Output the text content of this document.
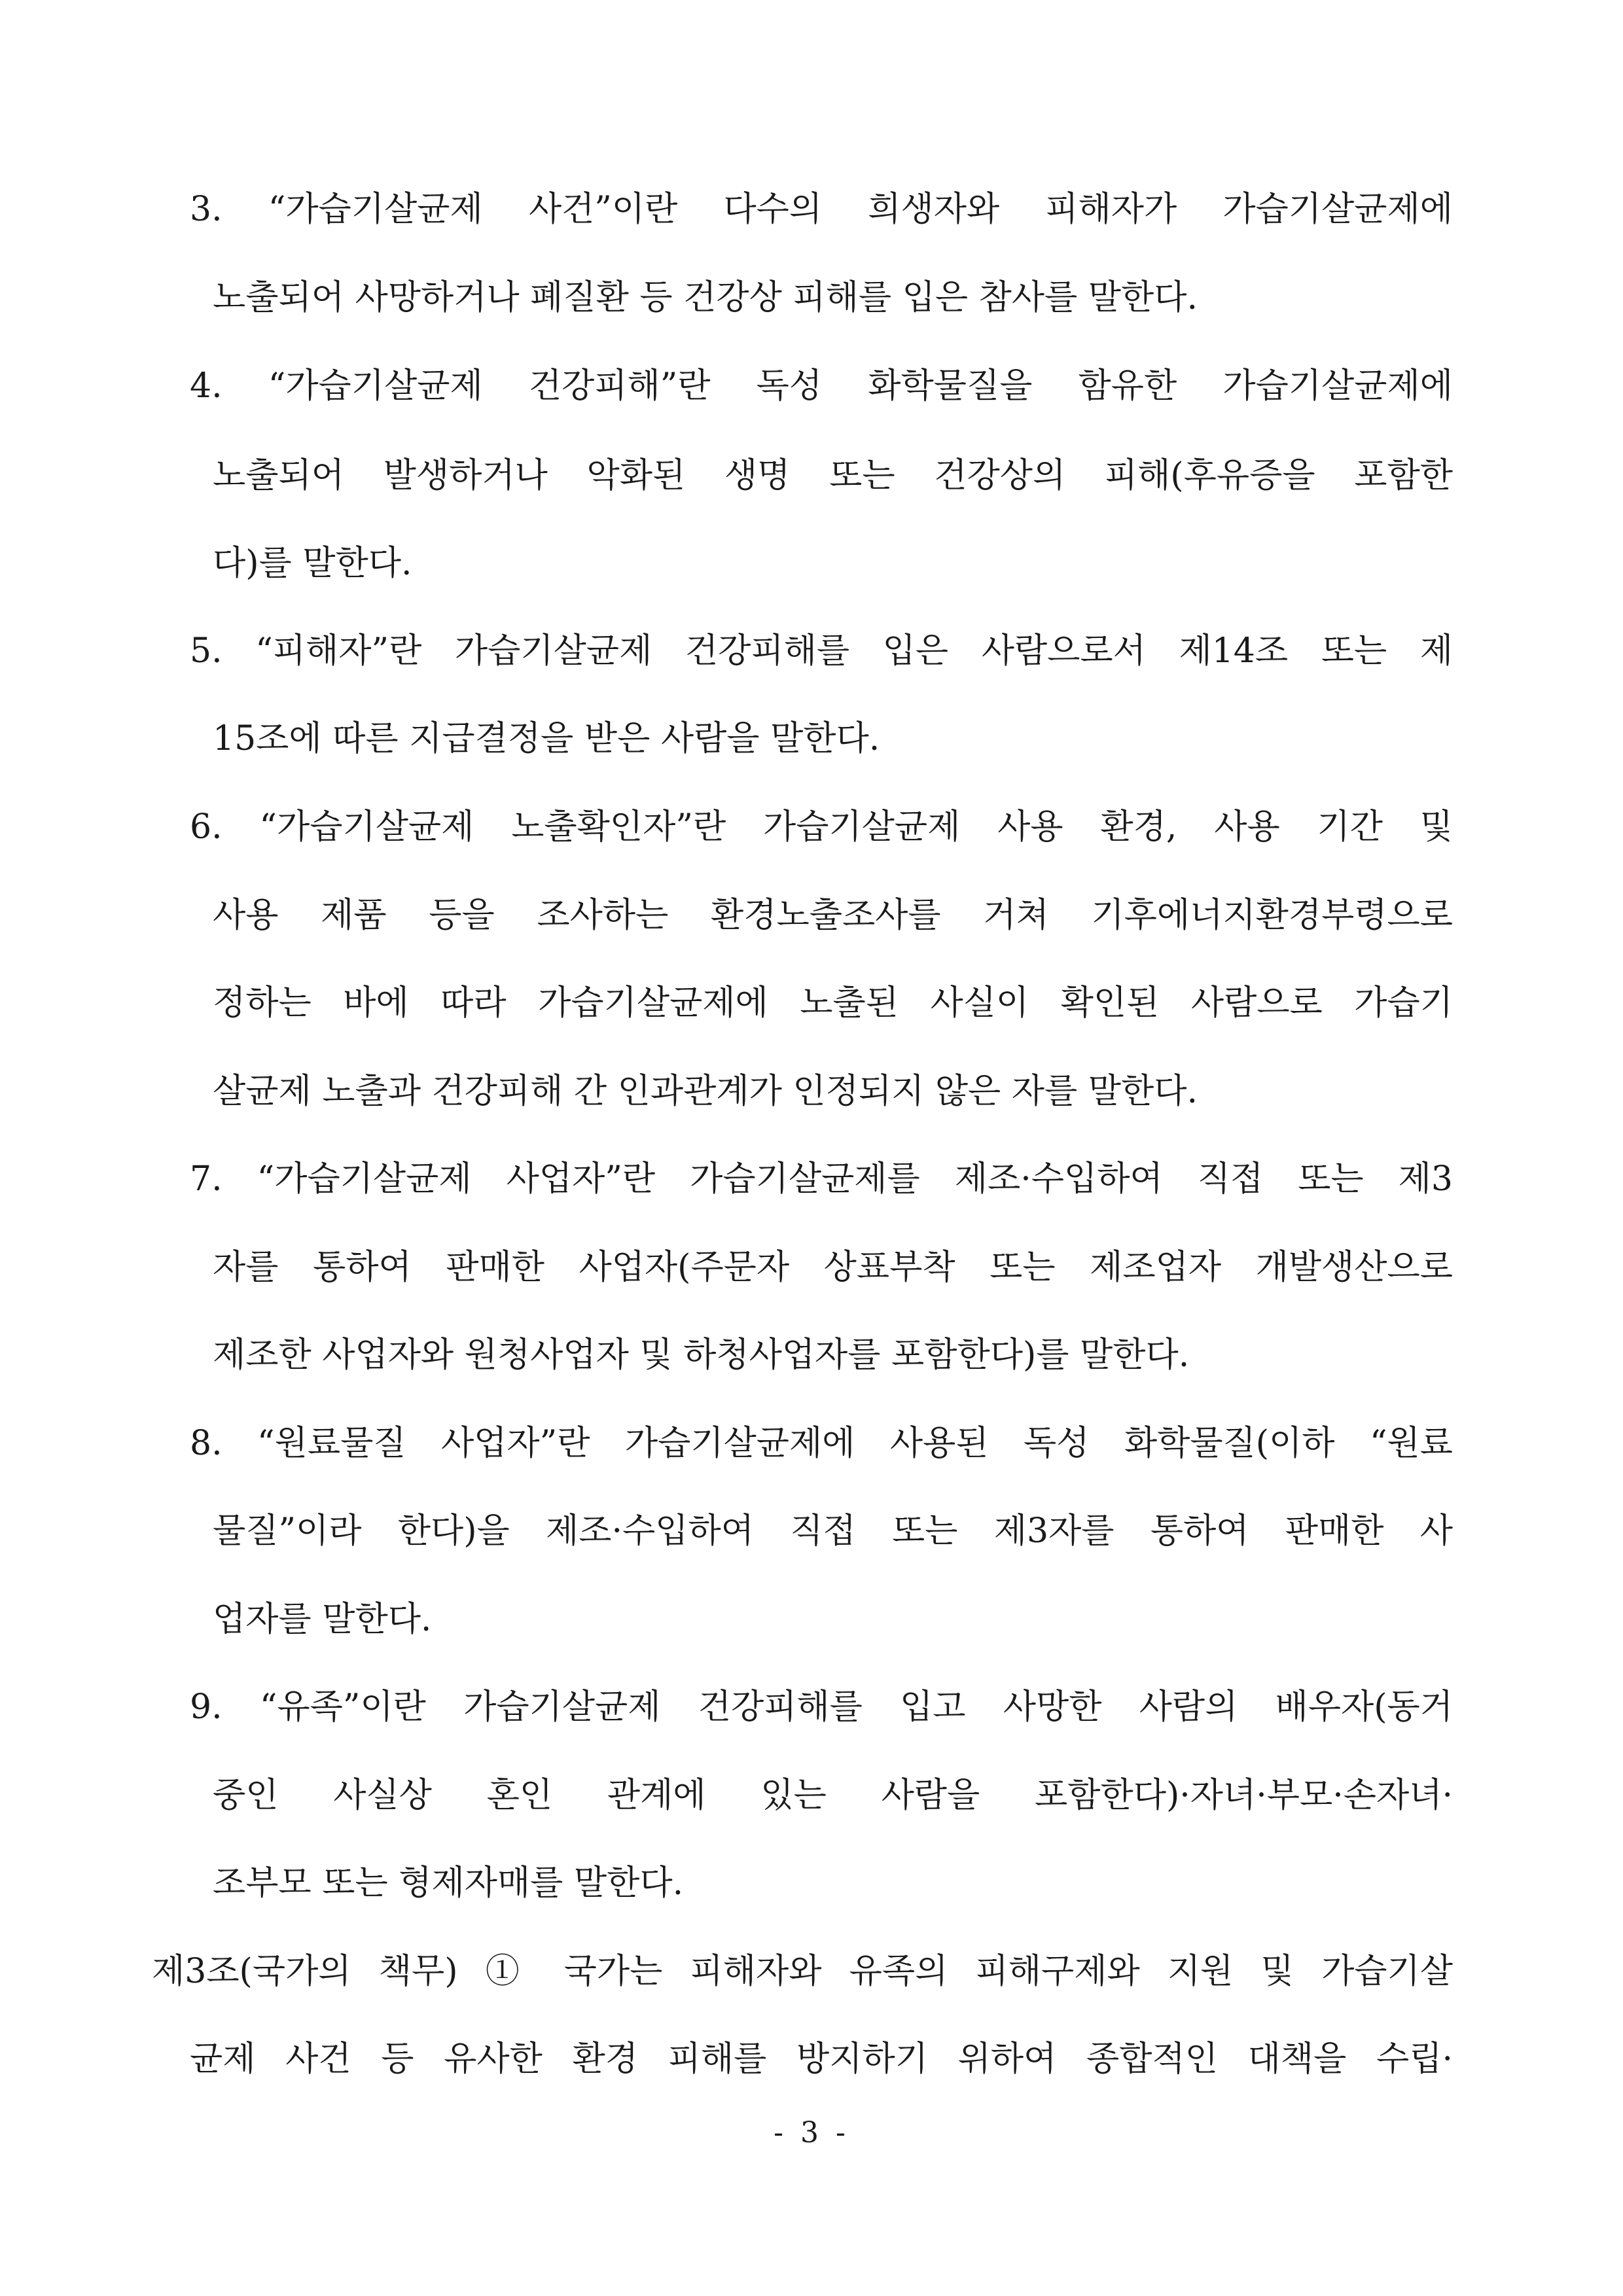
3. “가습기살균제 사건”이란 다수의 희생자와 피해자가 가습기살균제에
노출되어 사망하거나 폐질환 등 건강상 피해를 입은 참사를 말한다.
4. “가습기살균제 건강피해”란 독성 화학물질을 함유한 가습기살균제에
노출되어 발생하거나 악화된 생명 또는 건강상의 피해(후유증을 포함한
다)를 말한다.
5. “피해자”란 가습기살균제 건강피해를 입은 사람으로서 제14조 또는 제
15조에 따른 지급결정을 받은 사람을 말한다.
6. “가습기살균제 노출확인자”란 가습기살균제 사용 환경, 사용 기간 및
사용 제품 등을 조사하는 환경노출조사를 거쳐 기후에너지환경부령으로
정하는 바에 따라 가습기살균제에 노출된 사실이 확인된 사람으로 가습기
살균제 노출과 건강피해 간 인과관계가 인정되지 않은 자를 말한다.
7. “가습기살균제 사업자”란 가습기살균제를 제조·수입하여 직접 또는 제3
자를 통하여 판매한 사업자(주문자 상표부착 또는 제조업자 개발생산으로
제조한 사업자와 원청사업자 및 하청사업자를 포함한다)를 말한다.
8. “원료물질 사업자”란 가습기살균제에 사용된 독성 화학물질(이하 “원료
물질”이라 한다)을 제조·수입하여 직접 또는 제3자를 통하여 판매한 사
업자를 말한다.
9. “유족”이란 가습기살균제 건강피해를 입고 사망한 사람의 배우자(동거
중인 사실상 혼인 관계에 있는 사람을 포함한다)·자녀·부모·손자녀·
조부모 또는 형제자매를 말한다.
제3조(국가의 책무) ① 국가는 피해자와 유족의 피해구제와 지원 및 가습기살
균제 사건 등 유사한 환경 피해를 방지하기 위하여 종합적인 대책을 수립·
- 3 -
